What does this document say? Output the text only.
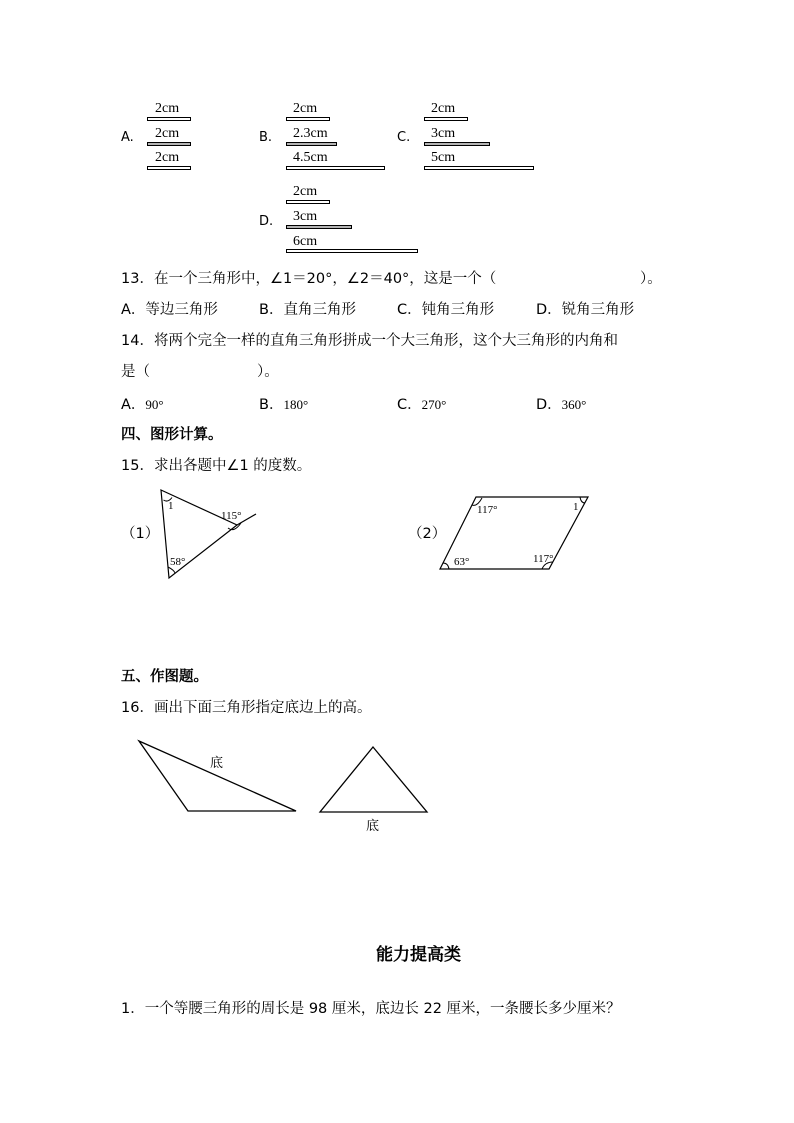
A.
2cm
2cm
2cm
B.
2cm
2.3cm
4.5cm
C.
2cm
3cm
5cm
D.
2cm
3cm
6cm
13．在一个三角形中，∠1＝20°，∠2＝40°，这是一个（	）。
A．等边三角形	B．直角三角形	C．钝角三角形	D．锐角三角形
14．将两个完全一样的直角三角形拼成一个大三角形，这个大三角形的内角和
是（	）。
A．90°	B．180°	C．270°	D．360°
四、图形计算。
15．求出各题中∠1 的度数。
（1）
1
115°
58°
（2）
117°	1
63°	117°
五、作图题。
16．画出下面三角形指定底边上的高。
底
底
能力提高类
1．一个等腰三角形的周长是 98 厘米，底边长 22 厘米，一条腰长多少厘米？
